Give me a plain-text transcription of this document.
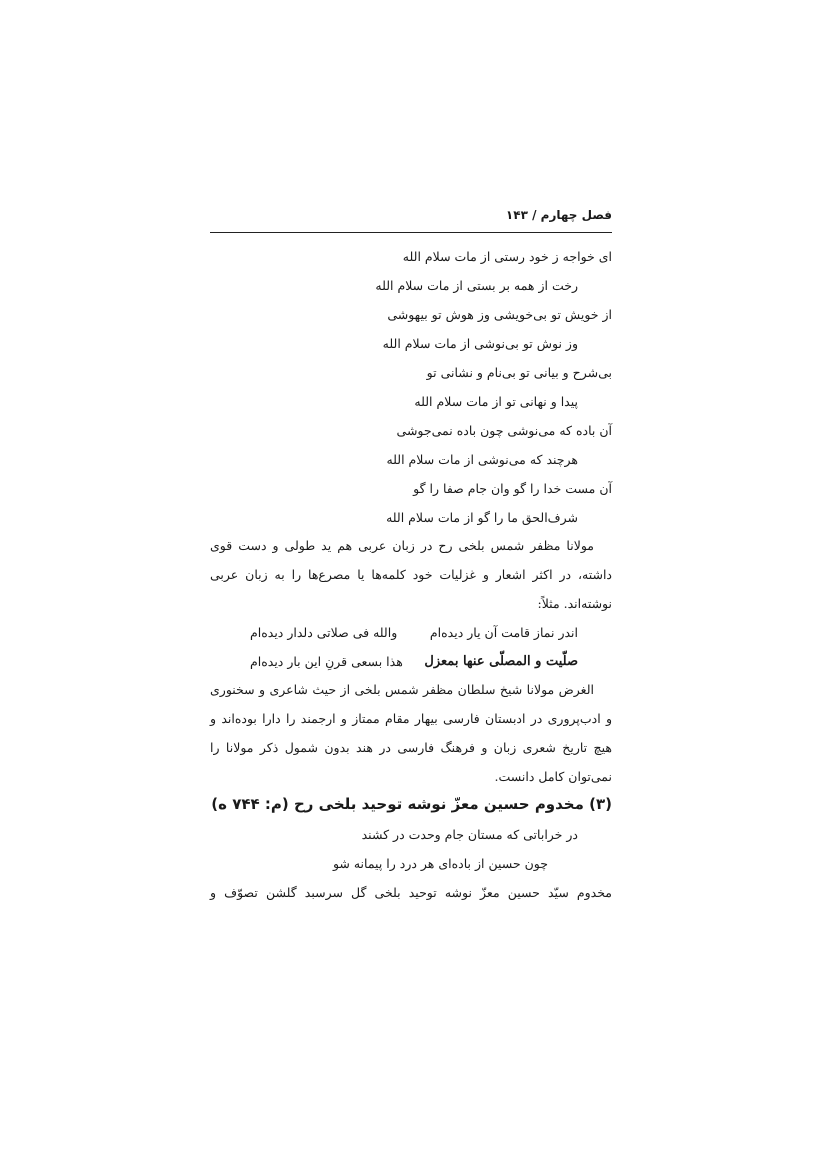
فصل چهارم / ۱۴۳
ای خواجه ز خود رستی از مات سلام الله
رخت از همه بر بستی از مات سلام الله
از خویش تو بی‌خویشی وز هوش تو بیهوشی
وز نوش تو بی‌نوشی از مات سلام الله
بی‌شرح و بیانی تو بی‌نام و نشانی تو
پیدا و نهانی تو از مات سلام الله
آن باده که می‌نوشی چون باده نمی‌جوشی
هرچند که می‌نوشی از مات سلام الله
آن مست خدا را گو وان جام صفا را گو
شرف‌الحق ما را گو از مات سلام الله
مولانا مظفر شمس بلخی رح در زبان عربی هم ید طولی و دست قوی
داشته، در اکثر اشعار و غزلیات خود کلمه‌ها یا مصرع‌ها را به زبان عربی
نوشته‌اند. مثلاً:
اندر نماز قامت آن یار دیده‌ام
والله فی صلاتی دلدار دیده‌ام
صلّیت و المصلّی عنها بمعزل
هذا بسعی قرنِ این بار دیده‌ام
الغرض مولانا شیخ سلطان مظفر شمس بلخی از حیث شاعری و سخنوری
و ادب‌پروری در ادبستان فارسی بیهار مقام ممتاز و ارجمند را دارا بوده‌اند و
(۳) مخدوم حسین معزّ نوشه توحید بلخی رح (م: ۷۴۴ ه)
هیچ تاریخ شعری زبان و فرهنگ فارسی در هند بدون شمول ذکر مولانا را
نمی‌توان کامل دانست.
در خراباتی که مستان جام وحدت در کشند
چون حسین از باده‌ای هر درد را پیمانه شو
مخدوم سیّد حسین معزّ نوشه توحید بلخی گل سرسبد گلشن تصوّف و
